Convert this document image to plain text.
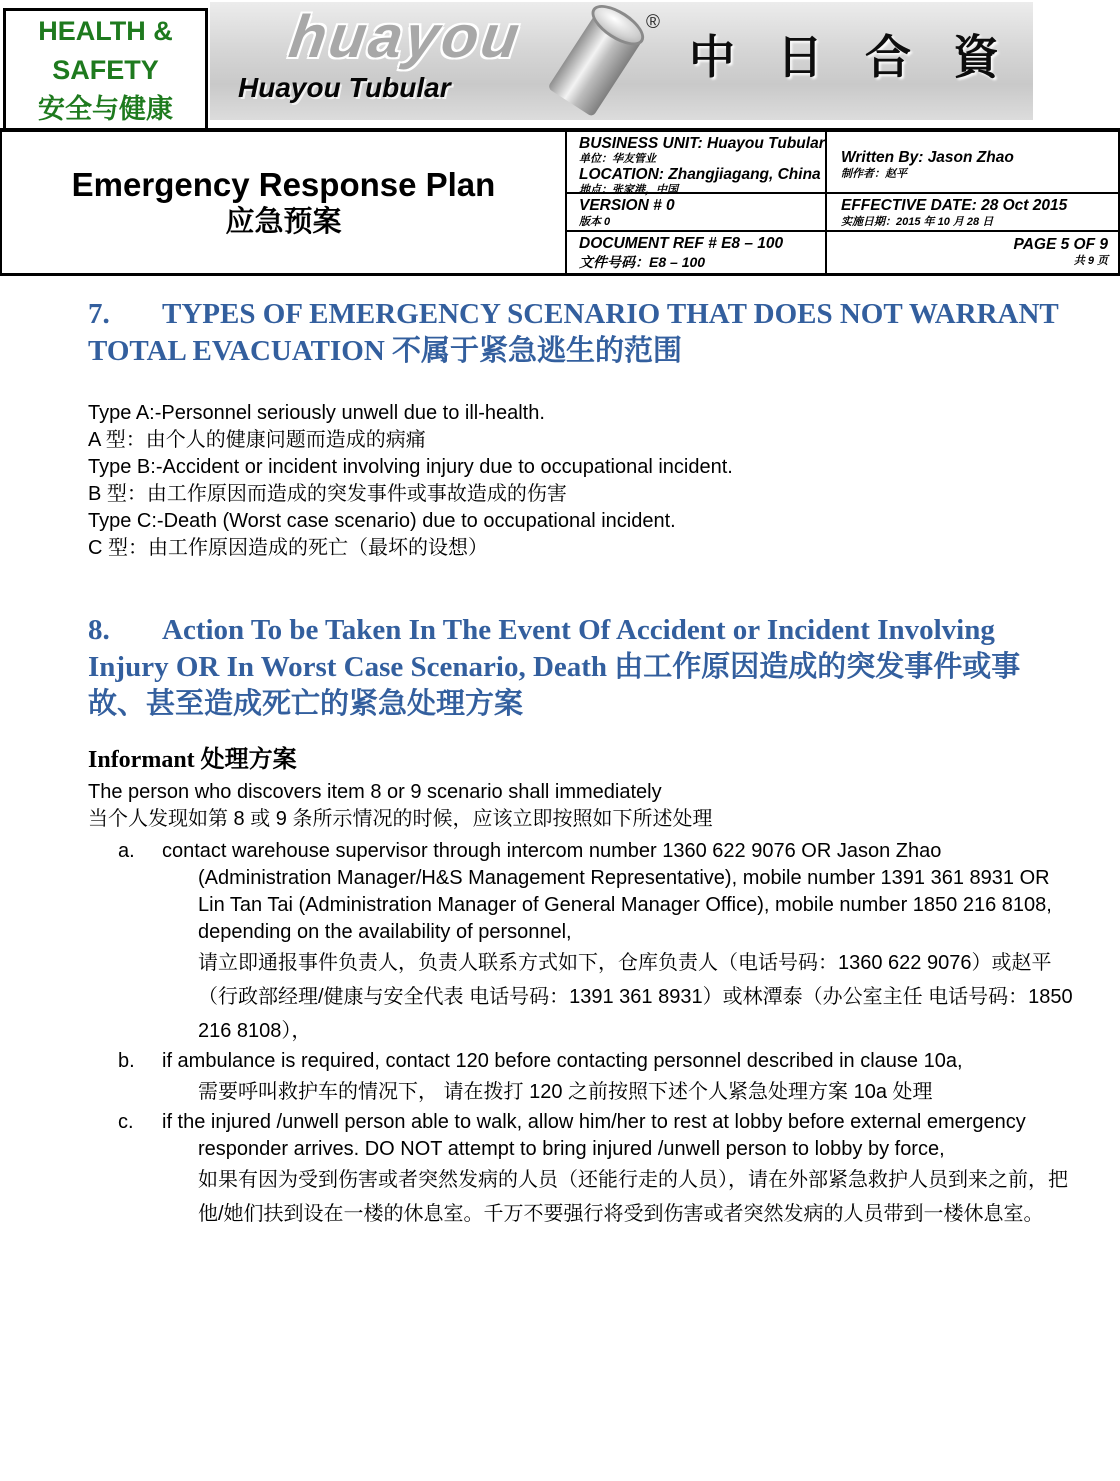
HEALTH &
SAFETY
安全与健康
huayou	®
Huayou Tubular
中日合資
Emergency Response Plan
应急预案
BUSINESS UNIT: Huayou Tubular
单位：华友管业
LOCATION: Zhangjiagang, China
地点：张家港，中国
Written By: Jason Zhao
制作者：赵平
VERSION # 0
版本 0
EFFECTIVE DATE: 28 Oct 2015
实施日期：2015 年 10 月 28 日
DOCUMENT REF # E8 – 100
文件号码：E8 – 100
PAGE 5 OF 9
共 9 页
7. TYPES OF EMERGENCY SCENARIO THAT DOES NOT WARRANT
TOTAL EVACUATION 不属于紧急逃生的范围

Type A:-Personnel seriously unwell due to ill-health.

A 型：由个人的健康问题而造成的病痛

Type B:-Accident or incident involving injury due to occupational incident.

B 型：由工作原因而造成的突发事件或事故造成的伤害

Type C:-Death (Worst case scenario) due to occupational incident.

C 型：由工作原因造成的死亡（最坏的设想）

8. Action To be Taken In The Event Of Accident or Incident Involving
Injury OR In Worst Case Scenario, Death 由工作原因造成的突发事件或事
故、甚至造成死亡的紧急处理方案
Informant 处理方案

The person who discovers item 8 or 9 scenario shall immediately

当个人发现如第 8 或 9 条所示情况的时候，应该立即按照如下所述处理

a. contact warehouse supervisor through intercom number 1360 622 9076 OR Jason Zhao (Administration Manager/H&S Management Representative), mobile number 1391 361 8931 OR Lin Tan Tai (Administration Manager of General Manager Office), mobile number 1850 216 8108, depending on the availability of personnel,
请立即通报事件负责人，负责人联系方式如下，仓库负责人（电话号码：1360 622 9076）或赵平（行政部经理/健康与安全代表 电话号码：1391 361 8931）或林潭泰（办公室主任 电话号码：1850 216 8108），
b. if ambulance is required, contact 120 before contacting personnel described in clause 10a,
需要呼叫救护车的情况下， 请在拨打 120 之前按照下述个人紧急处理方案 10a 处理
c. if the injured /unwell person able to walk, allow him/her to rest at lobby before external emergency responder arrives. DO NOT attempt to bring injured /unwell person to lobby by force,
如果有因为受到伤害或者突然发病的人员（还能行走的人员），请在外部紧急救护人员到来之前，把他/她们扶到设在一楼的休息室。千万不要强行将受到伤害或者突然发病的人员带到一楼休息室。
